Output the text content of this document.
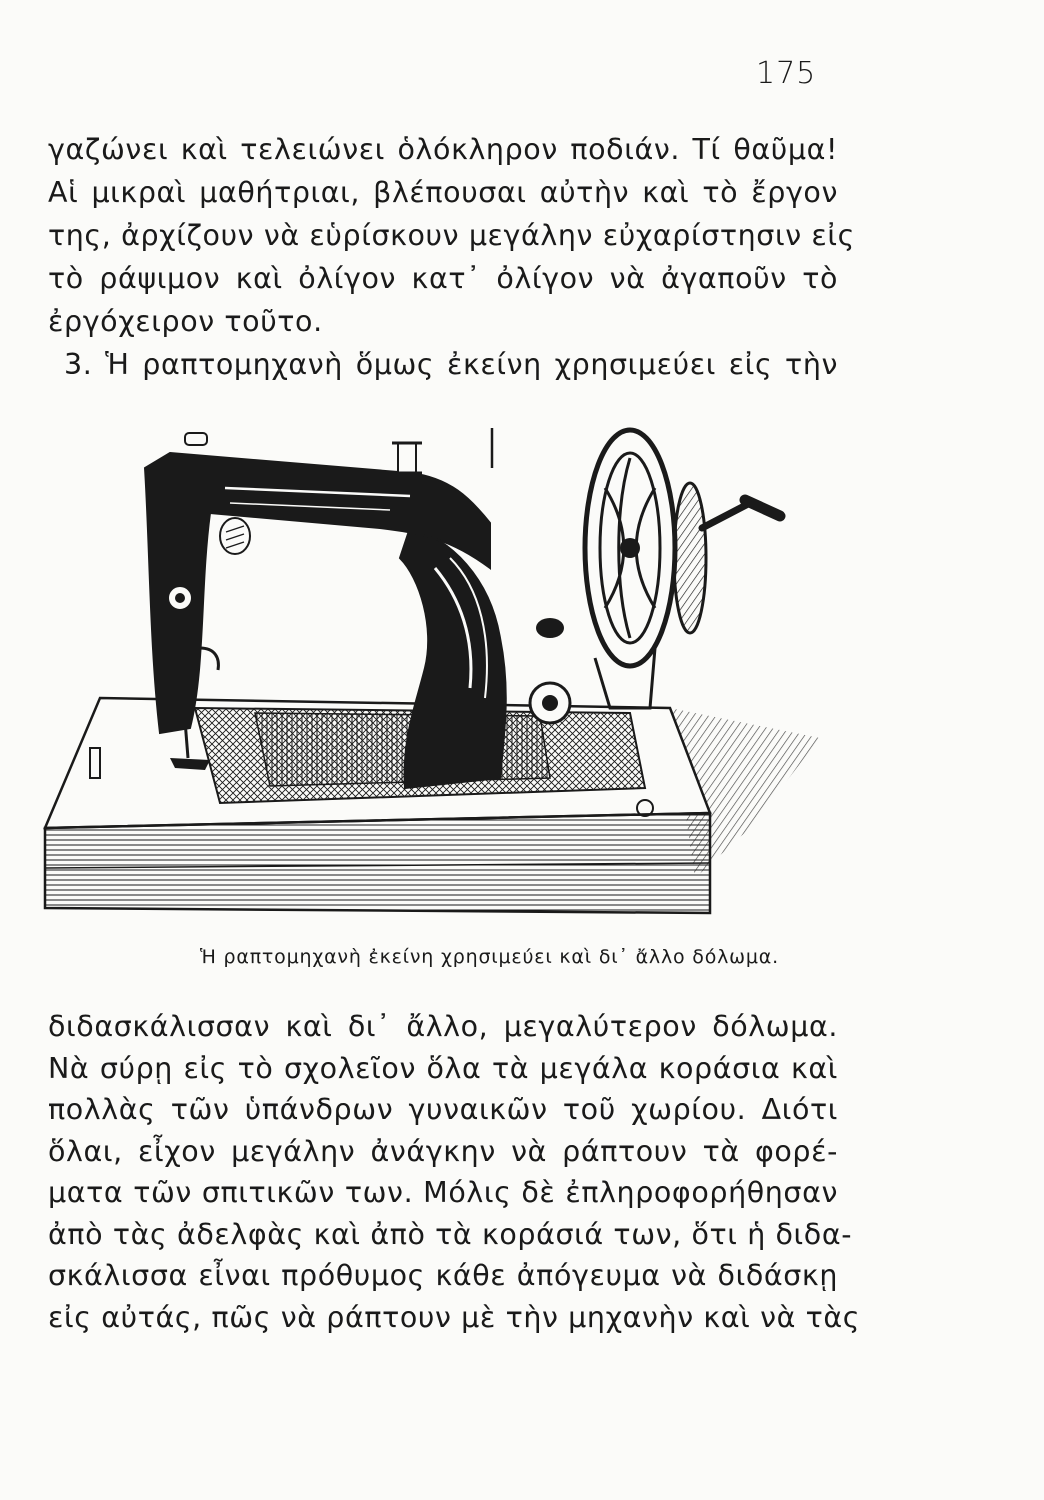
175
γαζώνει καὶ τελειώνει ὁλόκληρον ποδιάν. Τί θαῦμα!
Αἱ μικραὶ μαθήτριαι, βλέπουσαι αὐτὴν καὶ τὸ ἔργον
της, ἀρχίζουν νὰ εὑρίσκουν μεγάλην εὐχαρίστησιν εἰς
τὸ ράψιμον καὶ ὀλίγον κατ᾽ ὀλίγον νὰ ἀγαποῦν τὸ
ἐργόχειρον τοῦτο.
3. Ἡ ραπτομηχανὴ ὅμως ἐκείνη χρησιμεύει εἰς τὴν
Ἡ ραπτομηχανὴ ἐκείνη χρησιμεύει καὶ δι᾽ ἄλλο δόλωμα.
διδασκάλισσαν καὶ δι᾽ ἄλλο, μεγαλύτερον δόλωμα.
Νὰ σύρῃ εἰς τὸ σχολεῖον ὅλα τὰ μεγάλα κοράσια καὶ
πολλὰς τῶν ὑπάνδρων γυναικῶν τοῦ χωρίου. Διότι
ὅλαι, εἶχον μεγάλην ἀνάγκην νὰ ράπτουν τὰ φορέ-
ματα τῶν σπιτικῶν των. Μόλις δὲ ἐπληροφορήθησαν
ἀπὸ τὰς ἀδελφὰς καὶ ἀπὸ τὰ κοράσιά των, ὅτι ἡ διδα-
σκάλισσα εἶναι πρόθυμος κάθε ἀπόγευμα νὰ διδάσκῃ
εἰς αὐτάς, πῶς νὰ ράπτουν μὲ τὴν μηχανὴν καὶ νὰ τὰς
